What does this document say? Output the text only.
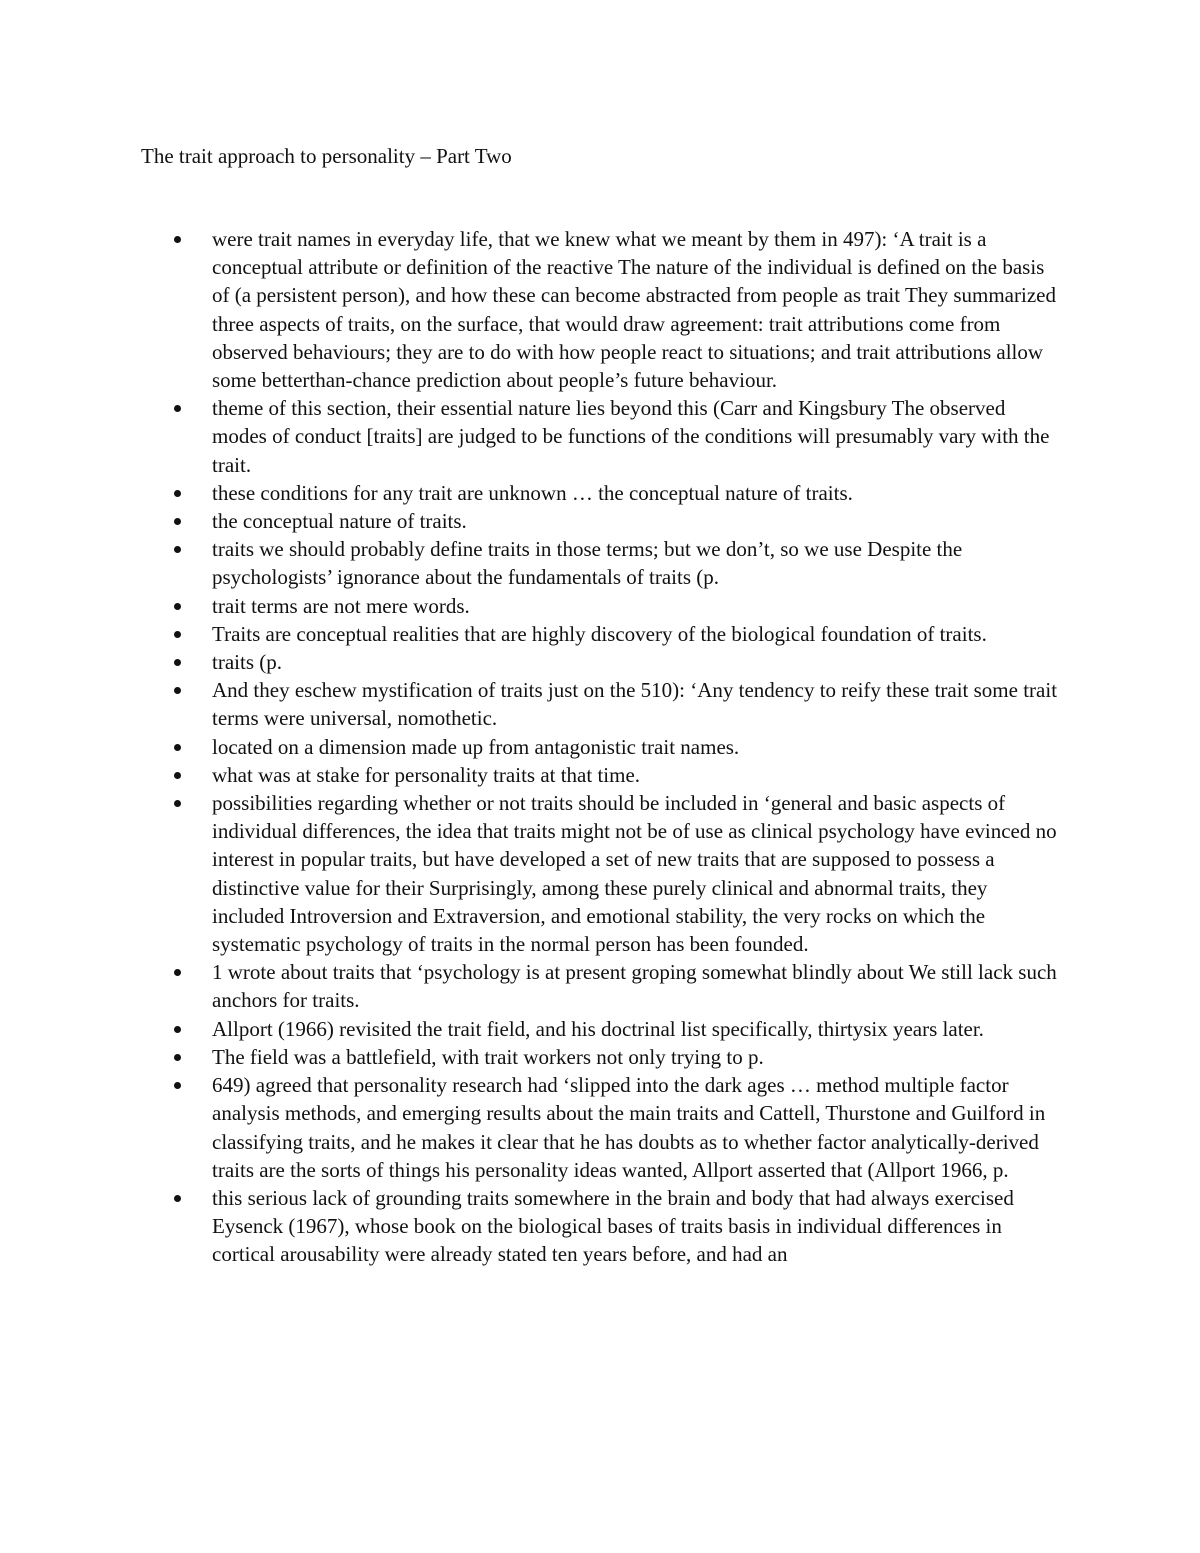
The trait approach to personality – Part Two
were trait names in everyday life, that we knew what we meant by them in 497): ‘A trait is a conceptual attribute or definition of the reactive The nature of the individual is defined on the basis of (a persistent person), and how these can become abstracted from people as trait They summarized three aspects of traits, on the surface, that would draw agreement: trait attributions come from observed behaviours; they are to do with how people react to situations; and trait attributions allow some betterthan-chance prediction about people’s future behaviour.
theme of this section, their essential nature lies beyond this (Carr and Kingsbury The observed modes of conduct [traits] are judged to be functions of the conditions will presumably vary with the trait.
these conditions for any trait are unknown … the conceptual nature of traits.
the conceptual nature of traits.
traits we should probably define traits in those terms; but we don’t, so we use Despite the psychologists’ ignorance about the fundamentals of traits (p.
trait terms are not mere words.
Traits are conceptual realities that are highly discovery of the biological foundation of traits.
traits (p.
And they eschew mystification of traits just on the 510): ‘Any tendency to reify these trait some trait terms were universal, nomothetic.
located on a dimension made up from antagonistic trait names.
what was at stake for personality traits at that time.
possibilities regarding whether or not traits should be included in ‘general and basic aspects of individual differences, the idea that traits might not be of use as clinical psychology have evinced no interest in popular traits, but have developed a set of new traits that are supposed to possess a distinctive value for their Surprisingly, among these purely clinical and abnormal traits, they included Introversion and Extraversion, and emotional stability, the very rocks on which the systematic psychology of traits in the normal person has been founded.
1 wrote about traits that ‘psychology is at present groping somewhat blindly about We still lack such anchors for traits.
Allport (1966) revisited the trait field, and his doctrinal list specifically, thirtysix years later.
The field was a battlefield, with trait workers not only trying to p.
649) agreed that personality research had ‘slipped into the dark ages … method multiple factor analysis methods, and emerging results about the main traits and Cattell, Thurstone and Guilford in classifying traits, and he makes it clear that he has doubts as to whether factor analytically-derived traits are the sorts of things his personality ideas wanted, Allport asserted that (Allport 1966, p.
this serious lack of grounding traits somewhere in the brain and body that had always exercised Eysenck (1967), whose book on the biological bases of traits basis in individual differences in cortical arousability were already stated ten years before, and had an
